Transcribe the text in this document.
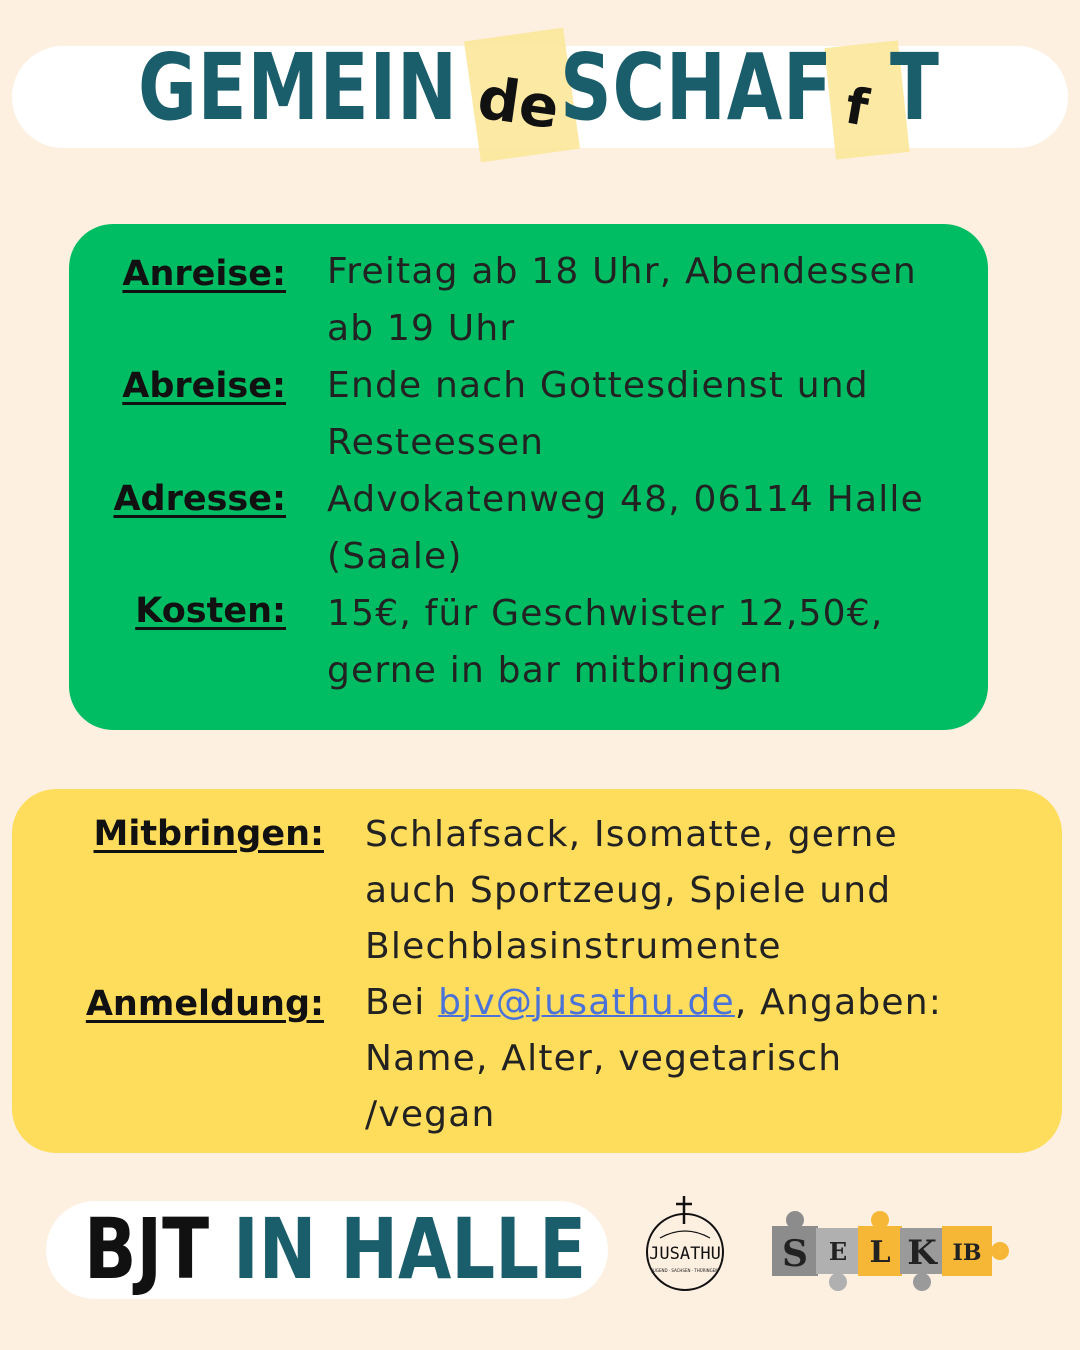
GEMEIN de
SCHAF f T
Anreise: Freitag ab 18 Uhr, Abendessen
ab 19 Uhr
Abreise: Ende nach Gottesdienst und
Resteessen
Adresse: Advokatenweg 48, 06114 Halle
(Saale)
Kosten: 15€, für Geschwister 12,50€,
gerne in bar mitbringen
Mitbringen: Schlafsack, Isomatte, gerne
auch Sportzeug, Spiele und
Blechblasinstrumente
Anmeldung: Bei bjv@jusathu.de, Angaben:
Name, Alter, vegetarisch
/vegan
BJT IN HALLE	JUSATHU
JUGEND · SACHSEN · THÜRINGEN S E L K IB
